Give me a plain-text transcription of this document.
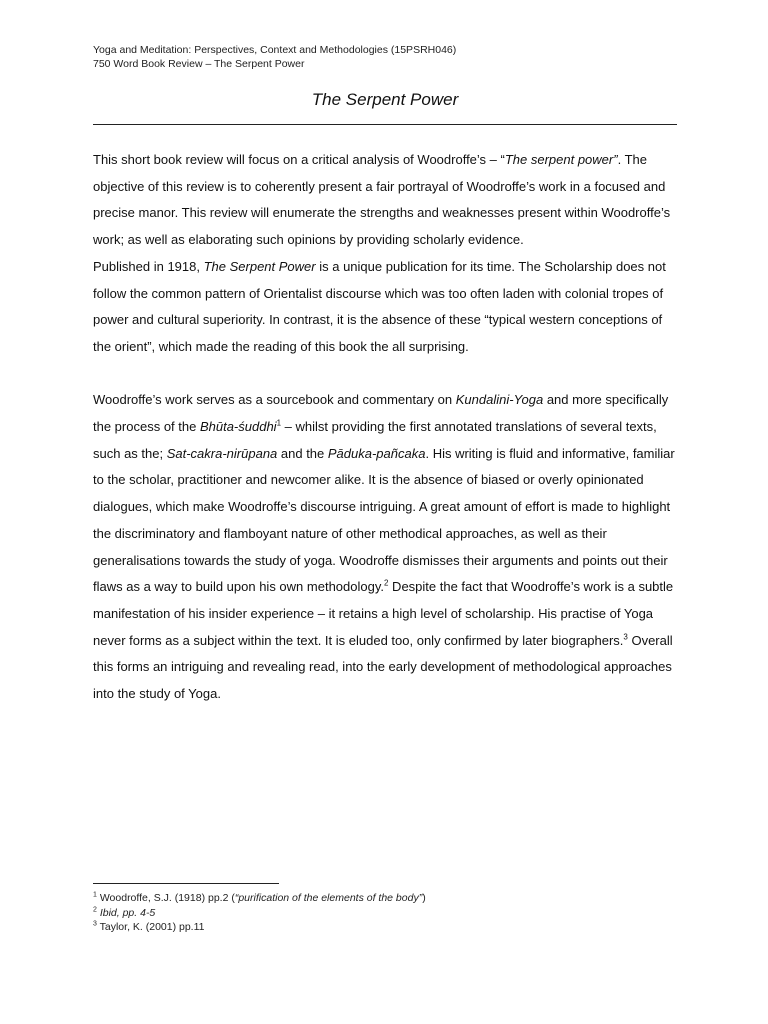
Yoga and Meditation: Perspectives, Context and Methodologies (15PSRH046)
750 Word Book Review – The Serpent Power
The Serpent Power

This short book review will focus on a critical analysis of Woodroffe’s – “The serpent power”. The objective of this review is to coherently present a fair portrayal of Woodroffe’s work in a focused and precise manor. This review will enumerate the strengths and weaknesses present within Woodroffe’s work; as well as elaborating such opinions by providing scholarly evidence.

Published in 1918, The Serpent Power is a unique publication for its time. The Scholarship does not follow the common pattern of Orientalist discourse which was too often laden with colonial tropes of power and cultural superiority. In contrast, it is the absence of these “typical western conceptions of the orient”, which made the reading of this book the all surprising.

Woodroffe’s work serves as a sourcebook and commentary on Kundalini-Yoga and more specifically the process of the Bhūta-śuddhi$^1$ – whilst providing the first annotated translations of several texts, such as the; Sat-cakra-nirūpana and the Pāduka-pañcaka. His writing is fluid and informative, familiar to the scholar, practitioner and newcomer alike. It is the absence of biased or overly opinionated dialogues, which make Woodroffe’s discourse intriguing. A great amount of effort is made to highlight the discriminatory and flamboyant nature of other methodical approaches, as well as their generalisations towards the study of yoga. Woodroffe dismisses their arguments and points out their flaws as a way to build upon his own methodology.$^2$ Despite the fact that Woodroffe’s work is a subtle manifestation of his insider experience – it retains a high level of scholarship. His practise of Yoga never forms as a subject within the text. It is eluded too, only confirmed by later biographers.$^3$ Overall this forms an intriguing and revealing read, into the early development of methodological approaches into the study of Yoga.

$^1$ Woodroffe, S.J. (1918) pp.2 (“purification of the elements of the body”)
$^2$ Ibid, pp. 4-5
$^3$ Taylor, K. (2001) pp.11
